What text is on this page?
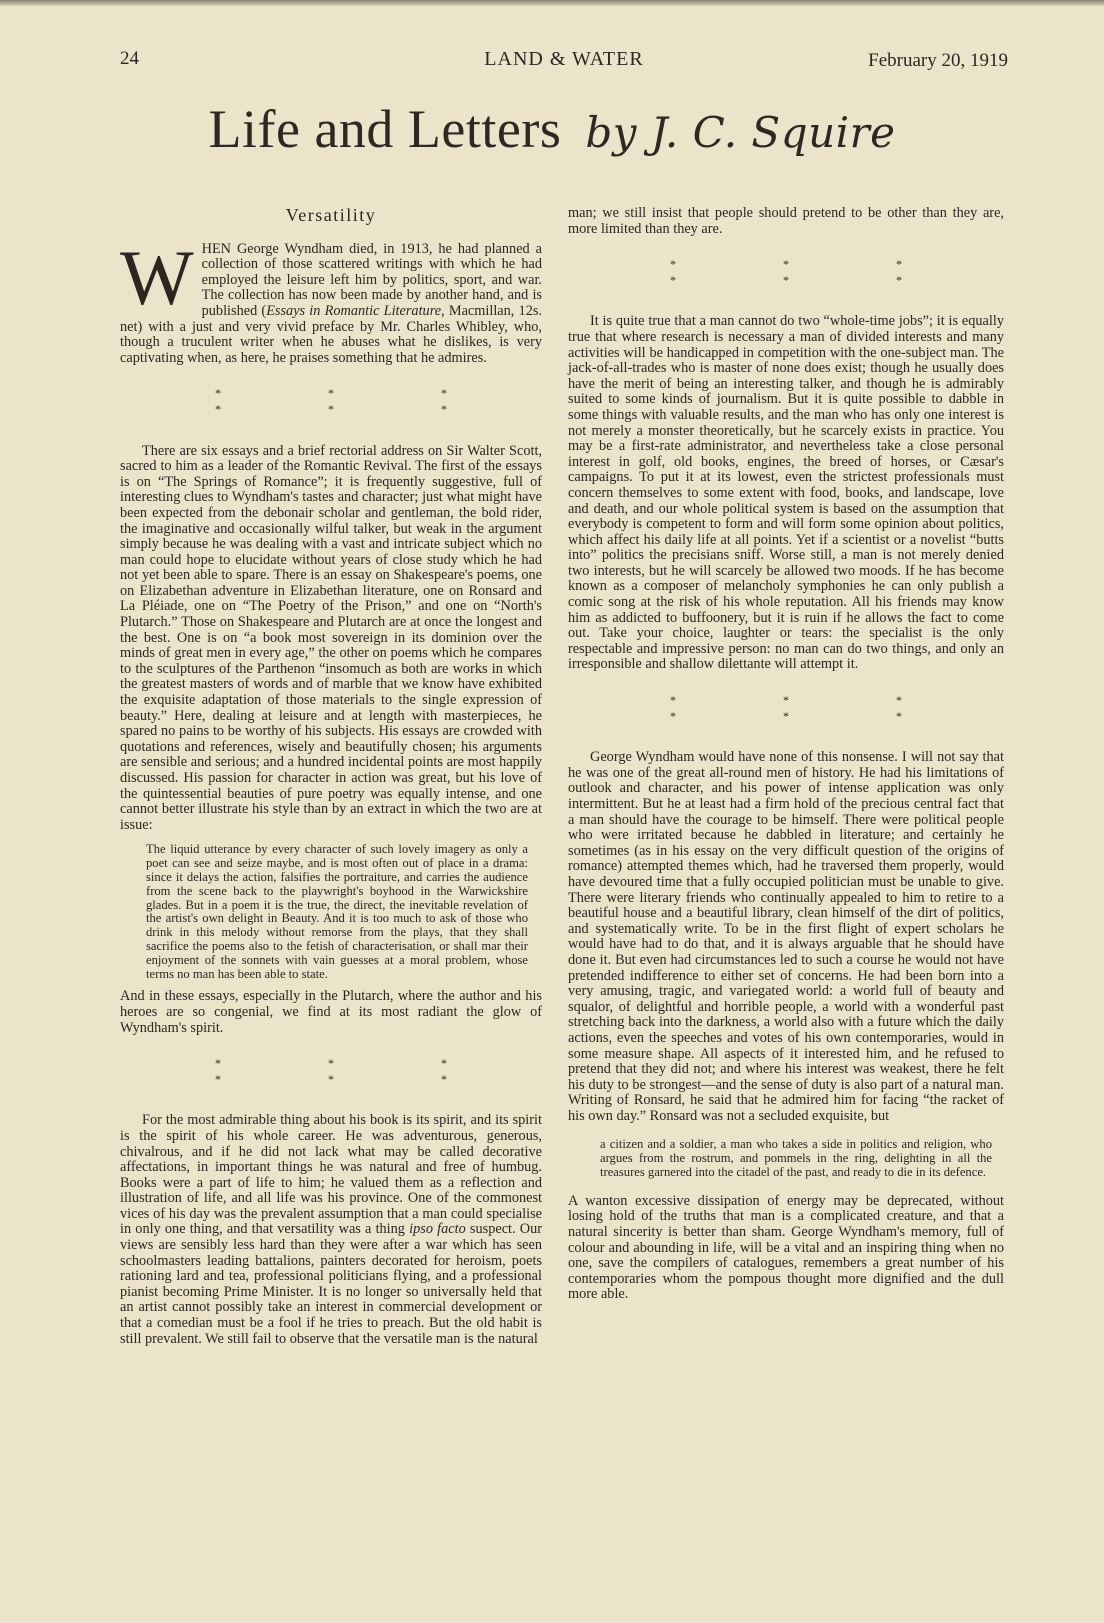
24	LAND & WATER	February 20, 1919
Life and Letters by J. C. Squire
Versatility

WHEN George Wyndham died, in 1913, he had planned a collection of those scattered writings with which he had employed the leisure left him by politics, sport, and war. The collection has now been made by another hand, and is published (Essays in Romantic Literature, Macmillan, 12s. net) with a just and very vivid preface by Mr. Charles Whibley, who, though a truculent writer when he abuses what he dislikes, is very captivating when, as here, he praises something that he admires.

* * * * * *

There are six essays and a brief rectorial address on Sir Walter Scott, sacred to him as a leader of the Romantic Revival. The first of the essays is on “The Springs of Romance”; it is frequently suggestive, full of interesting clues to Wyndham's tastes and character; just what might have been expected from the debonair scholar and gentleman, the bold rider, the imaginative and occasionally wilful talker, but weak in the argument simply because he was dealing with a vast and intricate subject which no man could hope to elucidate without years of close study which he had not yet been able to spare. There is an essay on Shakespeare's poems, one on Elizabethan adventure in Elizabethan literature, one on Ronsard and La Pléiade, one on “The Poetry of the Prison,” and one on “North's Plutarch.” Those on Shakespeare and Plutarch are at once the longest and the best. One is on “a book most sovereign in its dominion over the minds of great men in every age,” the other on poems which he compares to the sculptures of the Parthenon “insomuch as both are works in which the greatest masters of words and of marble that we know have exhibited the exquisite adaptation of those materials to the single expression of beauty.” Here, dealing at leisure and at length with masterpieces, he spared no pains to be worthy of his subjects. His essays are crowded with quotations and references, wisely and beautifully chosen; his arguments are sensible and serious; and a hundred incidental points are most happily discussed. His passion for character in action was great, but his love of the quintessential beauties of pure poetry was equally intense, and one cannot better illustrate his style than by an extract in which the two are at issue:

The liquid utterance by every character of such lovely imagery as only a poet can see and seize maybe, and is most often out of place in a drama: since it delays the action, falsifies the portraiture, and carries the audience from the scene back to the playwright's boyhood in the Warwickshire glades. But in a poem it is the true, the direct, the inevitable revelation of the artist's own delight in Beauty. And it is too much to ask of those who drink in this melody without remorse from the plays, that they shall sacrifice the poems also to the fetish of characterisation, or shall mar their enjoyment of the sonnets with vain guesses at a moral problem, whose terms no man has been able to state.

And in these essays, especially in the Plutarch, where the author and his heroes are so congenial, we find at its most radiant the glow of Wyndham's spirit.

* * * * * *

For the most admirable thing about his book is its spirit, and its spirit is the spirit of his whole career. He was adventurous, generous, chivalrous, and if he did not lack what may be called decorative affectations, in important things he was natural and free of humbug. Books were a part of life to him; he valued them as a reflection and illustration of life, and all life was his province. One of the commonest vices of his day was the prevalent assumption that a man could specialise in only one thing, and that versatility was a thing ipso facto suspect. Our views are sensibly less hard than they were after a war which has seen schoolmasters leading battalions, painters decorated for heroism, poets rationing lard and tea, professional politicians flying, and a professional pianist becoming Prime Minister. It is no longer so universally held that an artist cannot possibly take an interest in commercial development or that a comedian must be a fool if he tries to preach. But the old habit is still prevalent. We still fail to observe that the versatile man is the natural

man; we still insist that people should pretend to be other than they are, more limited than they are.

* * * * * *

It is quite true that a man cannot do two “whole-time jobs”; it is equally true that where research is necessary a man of divided interests and many activities will be handicapped in competition with the one-subject man. The jack-of-all-trades who is master of none does exist; though he usually does have the merit of being an interesting talker, and though he is admirably suited to some kinds of journalism. But it is quite possible to dabble in some things with valuable results, and the man who has only one interest is not merely a monster theoretically, but he scarcely exists in practice. You may be a first-rate administrator, and nevertheless take a close personal interest in golf, old books, engines, the breed of horses, or Cæsar's campaigns. To put it at its lowest, even the strictest professionals must concern themselves to some extent with food, books, and landscape, love and death, and our whole political system is based on the assumption that everybody is competent to form and will form some opinion about politics, which affect his daily life at all points. Yet if a scientist or a novelist “butts into” politics the precisians sniff. Worse still, a man is not merely denied two interests, but he will scarcely be allowed two moods. If he has become known as a composer of melancholy symphonies he can only publish a comic song at the risk of his whole reputation. All his friends may know him as addicted to buffoonery, but it is ruin if he allows the fact to come out. Take your choice, laughter or tears: the specialist is the only respectable and impressive person: no man can do two things, and only an irresponsible and shallow dilettante will attempt it.

* * * * * *

George Wyndham would have none of this nonsense. I will not say that he was one of the great all-round men of history. He had his limitations of outlook and character, and his power of intense application was only intermittent. But he at least had a firm hold of the precious central fact that a man should have the courage to be himself. There were political people who were irritated because he dabbled in literature; and certainly he sometimes (as in his essay on the very difficult question of the origins of romance) attempted themes which, had he traversed them properly, would have devoured time that a fully occupied politician must be unable to give. There were literary friends who continually appealed to him to retire to a beautiful house and a beautiful library, clean himself of the dirt of politics, and systematically write. To be in the first flight of expert scholars he would have had to do that, and it is always arguable that he should have done it. But even had circumstances led to such a course he would not have pretended indifference to either set of concerns. He had been born into a very amusing, tragic, and variegated world: a world full of beauty and squalor, of delightful and horrible people, a world with a wonderful past stretching back into the darkness, a world also with a future which the daily actions, even the speeches and votes of his own contemporaries, would in some measure shape. All aspects of it interested him, and he refused to pretend that they did not; and where his interest was weakest, there he felt his duty to be strongest—and the sense of duty is also part of a natural man. Writing of Ronsard, he said that he admired him for facing “the racket of his own day.” Ronsard was not a secluded exquisite, but

a citizen and a soldier, a man who takes a side in politics and religion, who argues from the rostrum, and pommels in the ring, delighting in all the treasures garnered into the citadel of the past, and ready to die in its defence.

A wanton excessive dissipation of energy may be deprecated, without losing hold of the truths that man is a complicated creature, and that a natural sincerity is better than sham. George Wyndham's memory, full of colour and abounding in life, will be a vital and an inspiring thing when no one, save the compilers of catalogues, remembers a great number of his contemporaries whom the pompous thought more dignified and the dull more able.
